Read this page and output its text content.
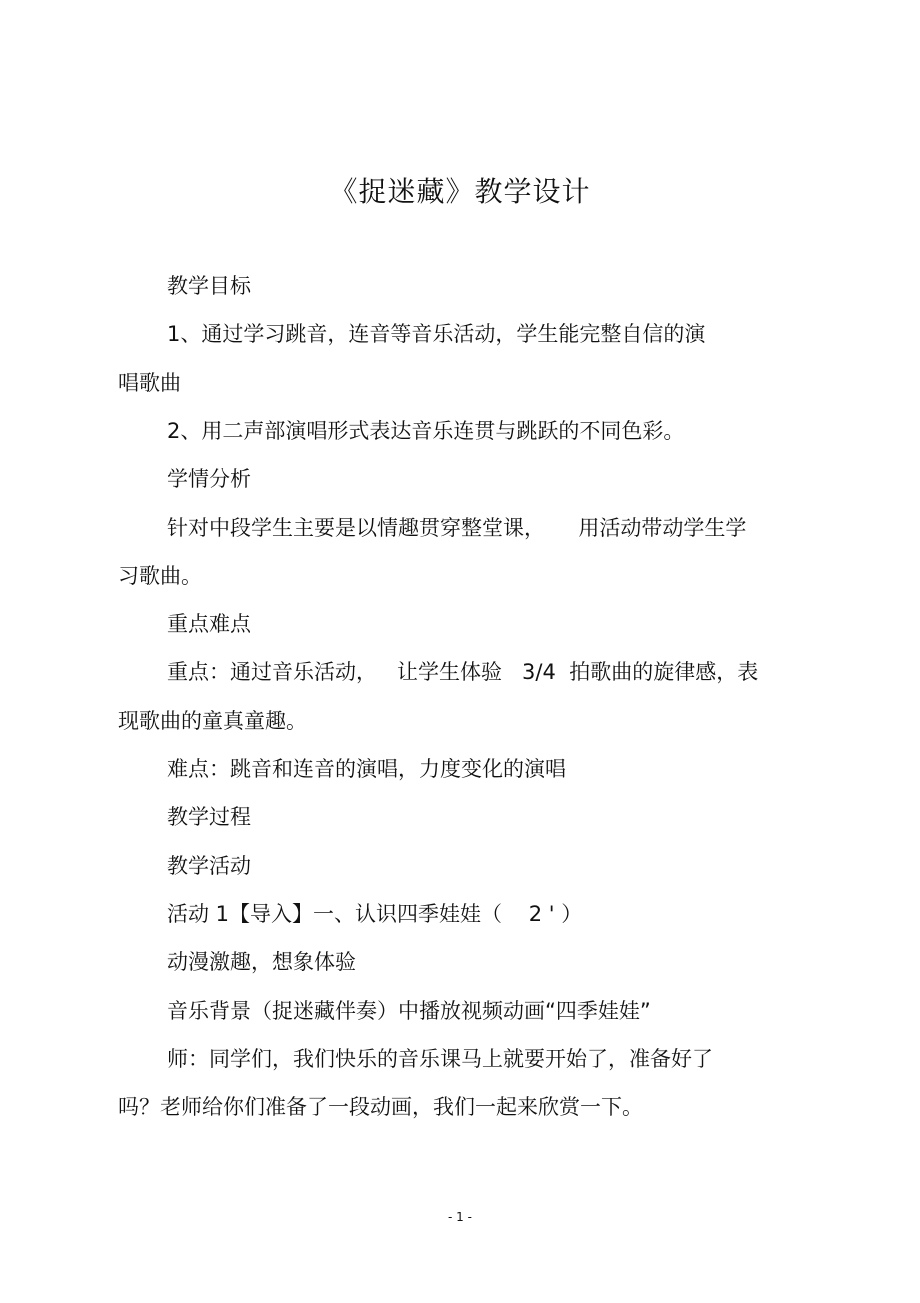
《捉迷藏》教学设计
教学目标
1、通过学习跳音，连音等音乐活动，学生能完整自信的演
唱歌曲
2、用二声部演唱形式表达音乐连贯与跳跃的不同色彩。
学情分析
针对中段学生主要是以情趣贯穿整堂课，     用活动带动学生学
习歌曲。
重点难点
重点：通过音乐活动，   让学生体验   3/4  拍歌曲的旋律感，表
现歌曲的童真童趣。
难点：跳音和连音的演唱，力度变化的演唱
教学过程
教学活动
活动 1【导入】一、认识四季娃娃（    2 ' ）
动漫激趣，想象体验
音乐背景（捉迷藏伴奏）中播放视频动画“四季娃娃”
师：同学们，我们快乐的音乐课马上就要开始了，准备好了
吗？老师给你们准备了一段动画，我们一起来欣赏一下。
- 1 -
